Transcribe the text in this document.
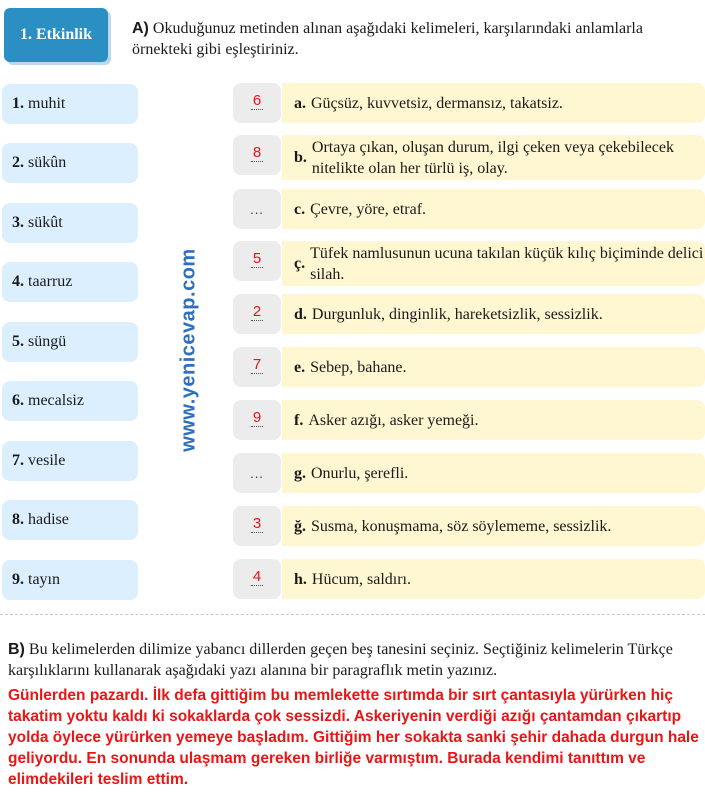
1. Etkinlik A) Okuduğunuz metinden alınan aşağıdaki kelimeleri, karşılarındaki anlamlarla örnekteki gibi eşleştiriniz.
1. muhit
2. sükûn
3. sükût
4. taarruz
5. süngü
6. mecalsiz
7. vesile
8. hadise
9. tayın
www.yenicevap.com
6
8
...
5
2
7
9
...
3
4
a. Güçsüz, kuvvetsiz, dermansız, takatsiz.
b.
Ortaya çıkan, oluşan durum, ilgi çeken veya çekebilecek nitelikte olan her türlü iş, olay.
c. Çevre, yöre, etraf.
ç.
Tüfek namlusunun ucuna takılan küçük kılıç biçiminde delici silah.
d. Durgunluk, dinginlik, hareketsizlik, sessizlik.
e. Sebep, bahane.
f. Asker azığı, asker yemeği.
g. Onurlu, şerefli.
ğ. Susma, konuşmama, söz söylememe, sessizlik.
h. Hücum, saldırı.
B) Bu kelimelerden dilimize yabancı dillerden geçen beş tanesini seçiniz. Seçtiğiniz kelimelerin Türkçe karşılıklarını kullanarak aşağıdaki yazı alanına bir paragraflık metin yazınız.
Günlerden pazardı. İlk defa gittiğim bu memlekette sırtımda bir sırt çantasıyla yürürken hiç takatim yoktu kaldı ki sokaklarda çok sessizdi. Askeriyenin verdiği azığı çantamdan çıkartıp yolda öylece yürürken yemeye başladım. Gittiğim her sokakta sanki şehir dahada durgun hale geliyordu. En sonunda ulaşmam gereken birliğe varmıştım. Burada kendimi tanıttım ve elimdekileri teslim ettim.
